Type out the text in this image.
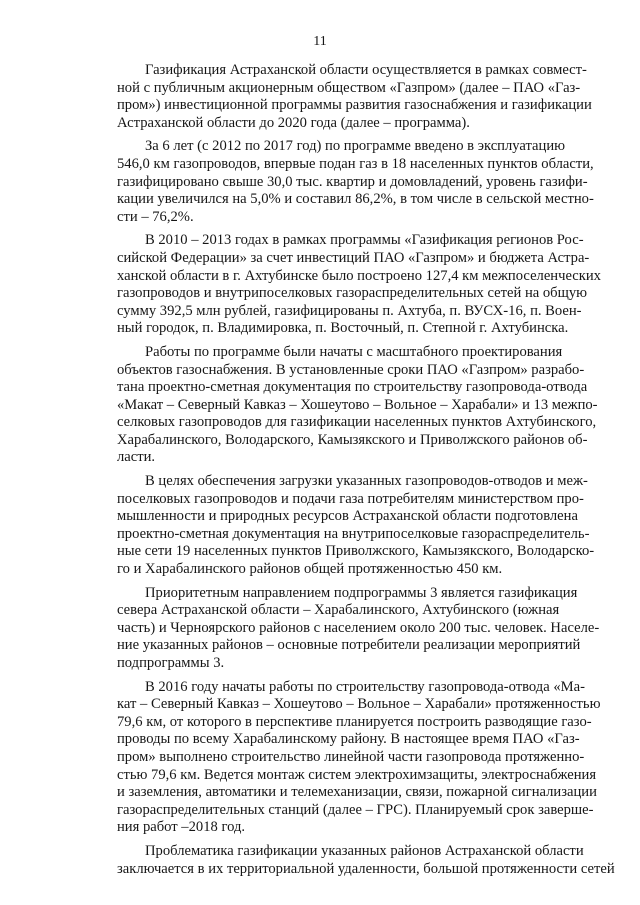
11

Газификация Астраханской области осуществляется в рамках совмест-
ной с публичным акционерным обществом «Газпром» (далее – ПАО «Газ-
пром») инвестиционной программы развития газоснабжения и газификации
Астраханской области до 2020 года (далее – программа).

За 6 лет (с 2012 по 2017 год) по программе введено в эксплуатацию
546,0 км газопроводов, впервые подан газ в 18 населенных пунктов области,
газифицировано свыше 30,0 тыс. квартир и домовладений, уровень газифи-
кации увеличился на 5,0% и составил 86,2%, в том числе в сельской местно-
сти – 76,2%.

В 2010 – 2013 годах в рамках программы «Газификация регионов Рос-
сийской Федерации» за счет инвестиций ПАО «Газпром» и бюджета Астра-
ханской области в г. Ахтубинске было построено 127,4 км межпоселенческих
газопроводов и внутрипоселковых газораспределительных сетей на общую
сумму 392,5 млн рублей, газифицированы п. Ахтуба, п. ВУСХ-16, п. Воен-
ный городок, п. Владимировка, п. Восточный, п. Степной г. Ахтубинска.

Работы по программе были начаты с масштабного проектирования
объектов газоснабжения. В установленные сроки ПАО «Газпром» разрабо-
тана проектно-сметная документация по строительству газопровода-отвода
«Макат – Северный Кавказ – Хошеутово – Вольное – Харабали» и 13 межпо-
селковых газопроводов для газификации населенных пунктов Ахтубинского,
Харабалинского, Володарского, Камызякского и Приволжского районов об-
ласти.

В целях обеспечения загрузки указанных газопроводов-отводов и меж-
поселковых газопроводов и подачи газа потребителям министерством про-
мышленности и природных ресурсов Астраханской области подготовлена
проектно-сметная документация на внутрипоселковые газораспределитель-
ные сети 19 населенных пунктов Приволжского, Камызякского, Володарско-
го и Харабалинского районов общей протяженностью 450 км.

Приоритетным направлением подпрограммы 3 является газификация
севера Астраханской области – Харабалинского, Ахтубинского (южная
часть) и Черноярского районов с населением около 200 тыс. человек. Населе-
ние указанных районов – основные потребители реализации мероприятий
подпрограммы 3.

В 2016 году начаты работы по строительству газопровода-отвода «Ма-
кат – Северный Кавказ – Хошеутово – Вольное – Харабали» протяженностью
79,6 км, от которого в перспективе планируется построить разводящие газо-
проводы по всему Харабалинскому району. В настоящее время ПАО «Газ-
пром» выполнено строительство линейной части газопровода протяженно-
стью 79,6 км. Ведется монтаж систем электрохимзащиты, электроснабжения
и заземления, автоматики и телемеханизации, связи, пожарной сигнализации
газораспределительных станций (далее – ГРС). Планируемый срок заверше-
ния работ –2018 год.

Проблематика газификации указанных районов Астраханской области
заключается в их территориальной удаленности, большой протяженности сетей
